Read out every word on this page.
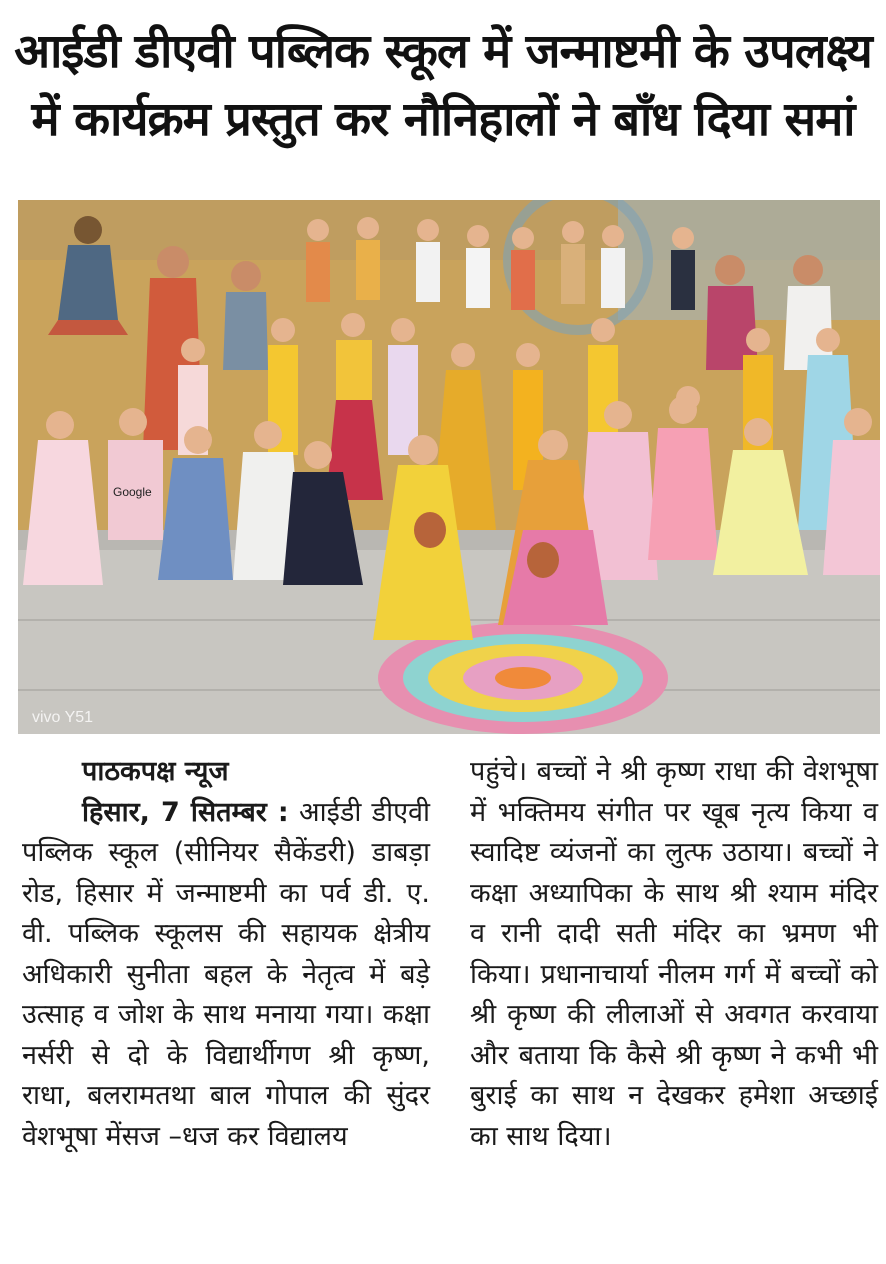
आईडी डीएवी पब्लिक स्कूल में जन्माष्टमी के उपलक्ष्य
में कार्यक्रम प्रस्तुत कर नौनिहालों ने बाँध दिया समां
vivo Y51
Google
पाठकपक्ष न्यूज

हिसार, 7 सितम्बर : आईडी डीएवी पब्लिक स्कूल (सीनियर सैकेंडरी) डाबड़ा रोड, हिसार में जन्माष्टमी का पर्व डी. ए. वी. पब्लिक स्कूलस की सहायक क्षेत्रीय अधिकारी सुनीता बहल के नेतृत्व में बड़े उत्साह व जोश के साथ मनाया गया। कक्षा नर्सरी से दो के विद्यार्थीगण श्री कृष्ण, राधा, बलरामतथा बाल गोपाल की सुंदर वेशभूषा मेंसज –धज कर विद्यालय

पहुंचे। बच्चों ने श्री कृष्ण राधा की वेशभूषा में भक्तिमय संगीत पर खूब नृत्य किया व स्वादिष्ट व्यंजनों का लुत्फ उठाया। बच्चों ने कक्षा अध्यापिका के साथ श्री श्याम मंदिर व रानी दादी सती मंदिर का भ्रमण भी किया। प्रधानाचार्या नीलम गर्ग में बच्चों को श्री कृष्ण की लीलाओं से अवगत करवाया और बताया कि कैसे श्री कृष्ण ने कभी भी बुराई का साथ न देखकर हमेशा अच्छाई का साथ दिया।
